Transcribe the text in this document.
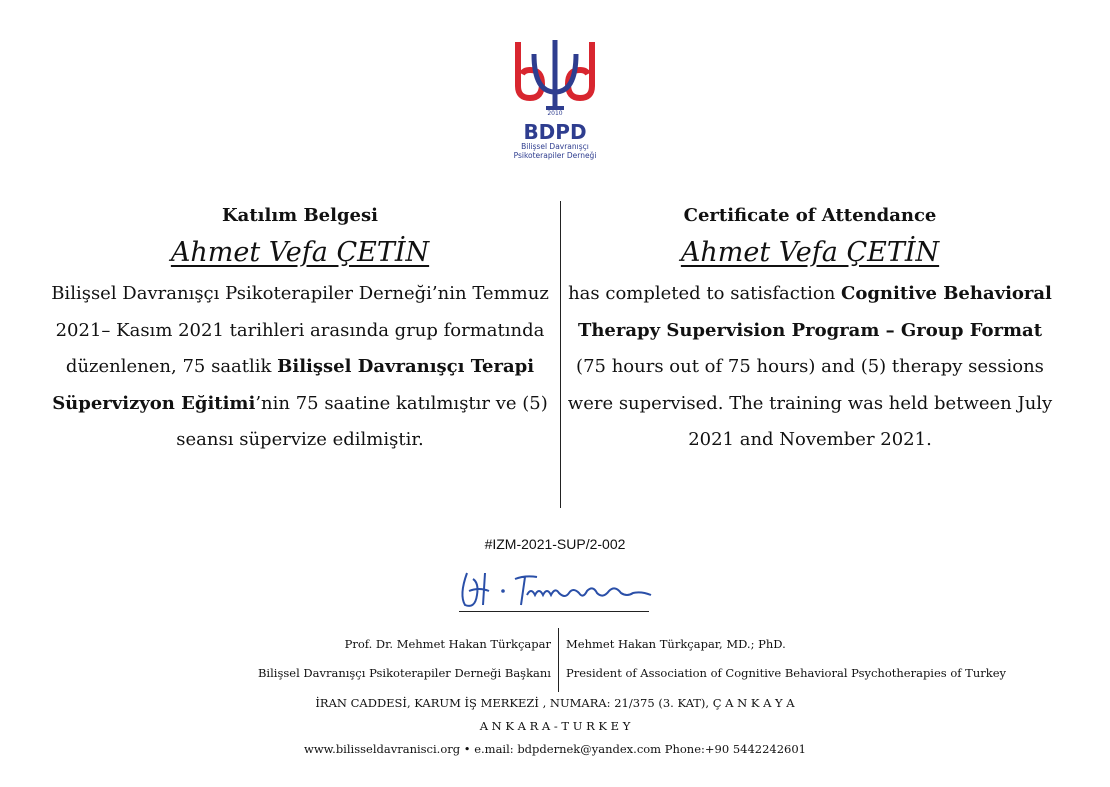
2010
BDPD
Bilişsel Davranışçı
Psikoterapiler Derneği
Katılım Belgesi
Ahmet Vefa ÇETİN
Bilişsel Davranışçı Psikoterapiler Derneği’nin Temmuz 2021– Kasım 2021 tarihleri arasında grup formatında düzenlenen, 75 saatlik Bilişsel Davranışçı Terapi Süpervizyon Eğitimi’nin 75 saatine katılmıştır ve (5) seansı süpervize edilmiştir.
Certificate of Attendance
Ahmet Vefa ÇETİN
has completed to satisfaction Cognitive Behavioral Therapy Supervision Program – Group Format (75 hours out of 75 hours) and (5) therapy sessions were supervised. The training was held between July 2021 and November 2021.
#IZM-2021-SUP/2-002
Prof. Dr. Mehmet Hakan Türkçapar
Bilişsel Davranışçı Psikoterapiler Derneği Başkanı
Mehmet Hakan Türkçapar, MD.; PhD.
President of Association of Cognitive Behavioral Psychotherapies of Turkey
İRAN CADDESİ, KARUM İŞ MERKEZİ , NUMARA: 21/375 (3. KAT), Ç A N K A Y A
A N K A R A - T U R K E Y
www.bilisseldavranisci.org • e.mail: bdpdernek@yandex.com Phone:+90 5442242601
